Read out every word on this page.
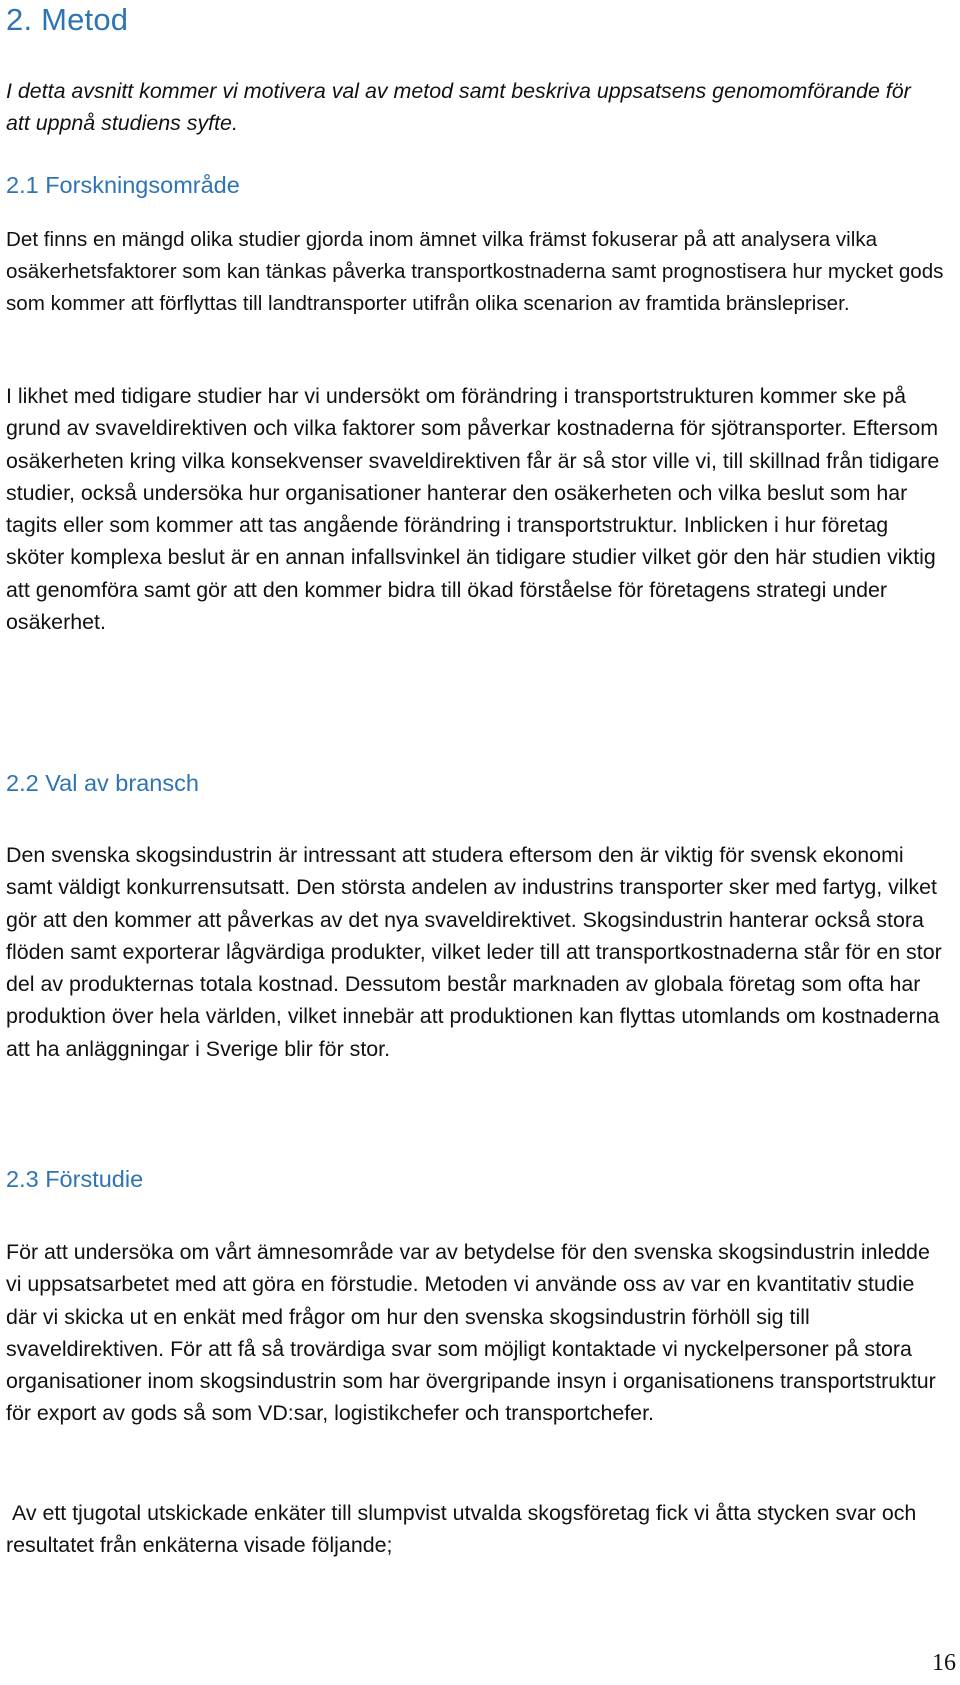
2. Metod
I detta avsnitt kommer vi motivera val av metod samt beskriva uppsatsens genomomförande för att uppnå studiens syfte.
2.1 Forskningsområde
Det finns en mängd olika studier gjorda inom ämnet vilka främst fokuserar på att analysera vilka osäkerhetsfaktorer som kan tänkas påverka transportkostnaderna samt prognostisera hur mycket gods som kommer att förflyttas till landtransporter utifrån olika scenarion av framtida bränslepriser.
I likhet med tidigare studier har vi undersökt om förändring i transportstrukturen kommer ske på grund av svaveldirektiven och vilka faktorer som påverkar kostnaderna för sjötransporter. Eftersom osäkerheten kring vilka konsekvenser svaveldirektiven får är så stor ville vi, till skillnad från tidigare studier, också undersöka hur organisationer hanterar den osäkerheten och vilka beslut som har tagits eller som kommer att tas angående förändring i transportstruktur. Inblicken i hur företag sköter komplexa beslut är en annan infallsvinkel än tidigare studier vilket gör den här studien viktig att genomföra samt gör att den kommer bidra till ökad förståelse för företagens strategi under osäkerhet.
2.2 Val av bransch
Den svenska skogsindustrin är intressant att studera eftersom den är viktig för svensk ekonomi samt väldigt konkurrensutsatt. Den största andelen av industrins transporter sker med fartyg, vilket gör att den kommer att påverkas av det nya svaveldirektivet. Skogsindustrin hanterar också stora flöden samt exporterar lågvärdiga produkter, vilket leder till att transportkostnaderna står för en stor del av produkternas totala kostnad. Dessutom består marknaden av globala företag som ofta har produktion över hela världen, vilket innebär att produktionen kan flyttas utomlands om kostnaderna att ha anläggningar i Sverige blir för stor.
2.3 Förstudie
För att undersöka om vårt ämnesområde var av betydelse för den svenska skogsindustrin inledde vi uppsatsarbetet med att göra en förstudie. Metoden vi använde oss av var en kvantitativ studie där vi skicka ut en enkät med frågor om hur den svenska skogsindustrin förhöll sig till svaveldirektiven. För att få så trovärdiga svar som möjligt kontaktade vi nyckelpersoner på stora organisationer inom skogsindustrin som har övergripande insyn i organisationens transportstruktur för export av gods så som VD:sar, logistikchefer och transportchefer.
Av ett tjugotal utskickade enkäter till slumpvist utvalda skogsföretag fick vi åtta stycken svar och resultatet från enkäterna visade följande;
16
